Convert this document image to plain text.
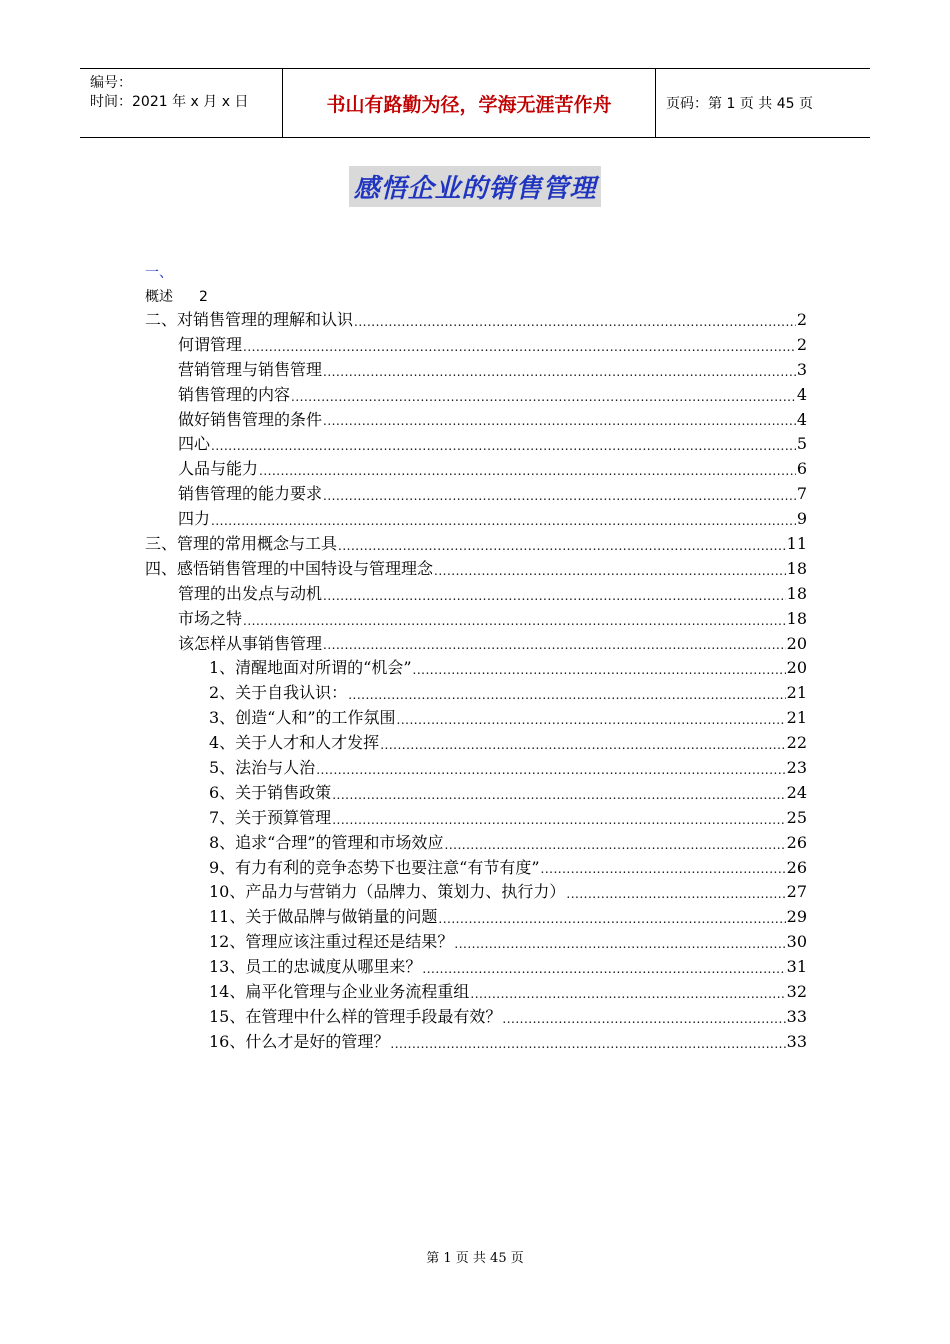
编号：
时间：2021 年 x 月 x 日	书山有路勤为径，学海无涯苦作舟	页码：第 1 页 共 45 页
感悟企业的销售管理
一、
概述 2
二、对销售管理的理解和认识 .....	2
何谓管理 .....	2
营销管理与销售管理 .....	3
销售管理的内容 .....	4
做好销售管理的条件 .....	4
四心 .....	5
人品与能力 .....	6
销售管理的能力要求 .....	7
四力 .....	9
三、管理的常用概念与工具 .....	11
四、感悟销售管理的中国特设与管理理念 .....	18
管理的出发点与动机 .....	18
市场之特 .....	18
该怎样从事销售管理 .....	20
1、清醒地面对所谓的“机会” .....	20
2、关于自我认识： .....	21
3、创造“人和”的工作氛围 .....	21
4、关于人才和人才发挥 .....	22
5、法治与人治 .....	23
6、关于销售政策 .....	24
7、关于预算管理 .....	25
8、追求“合理”的管理和市场效应 .....	26
9、有力有利的竞争态势下也要注意“有节有度” .....	26
10、产品力与营销力（品牌力、策划力、执行力） .....	27
11、关于做品牌与做销量的问题 .....	29
12、管理应该注重过程还是结果？ .....	30
13、员工的忠诚度从哪里来？ .....	31
14、扁平化管理与企业业务流程重组 .....	32
15、在管理中什么样的管理手段最有效？ .....	33
16、什么才是好的管理？ .....	33
第 1 页 共 45 页
